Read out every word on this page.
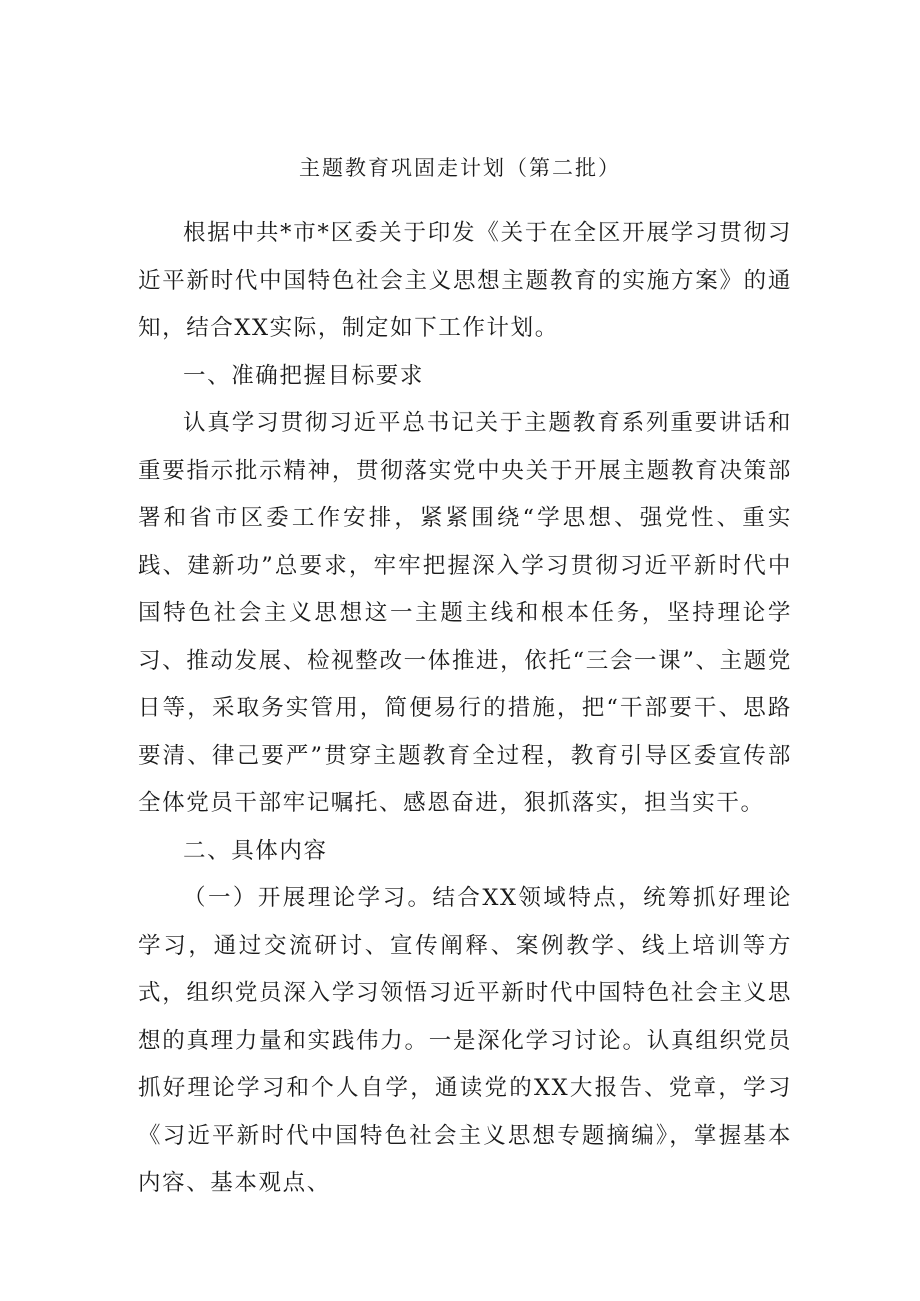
主题教育巩固走计划（第二批）

根据中共*市*区委关于印发《关于在全区开展学习贯彻习近平新时代中国特色社会主义思想主题教育的实施方案》的通知，结合XX实际，制定如下工作计划。

一、准确把握目标要求

认真学习贯彻习近平总书记关于主题教育系列重要讲话和重要指示批示精神，贯彻落实党中央关于开展主题教育决策部署和省市区委工作安排，紧紧围绕“学思想、强党性、重实践、建新功”总要求，牢牢把握深入学习贯彻习近平新时代中国特色社会主义思想这一主题主线和根本任务，坚持理论学习、推动发展、检视整改一体推进，依托“三会一课”、主题党日等，采取务实管用，简便易行的措施，把“干部要干、思路要清、律己要严”贯穿主题教育全过程，教育引导区委宣传部全体党员干部牢记嘱托、感恩奋进，狠抓落实，担当实干。

二、具体内容

（一）开展理论学习。结合XX领域特点，统筹抓好理论学习，通过交流研讨、宣传阐释、案例教学、线上培训等方式，组织党员深入学习领悟习近平新时代中国特色社会主义思想的真理力量和实践伟力。一是深化学习讨论。认真组织党员抓好理论学习和个人自学，通读党的XX大报告、党章，学习《习近平新时代中国特色社会主义思想专题摘编》，掌握基本内容、基本观点、
